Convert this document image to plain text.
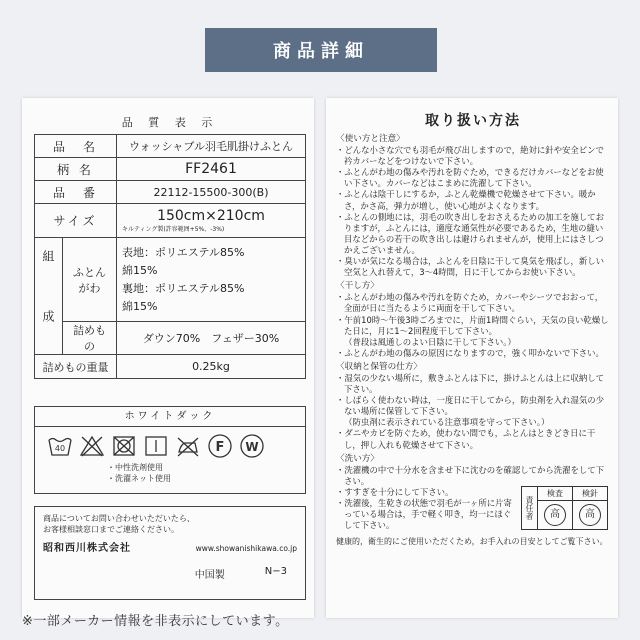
商品詳細
品 質 表 示
品　名		ウォッシャブル羽毛肌掛けふとん
柄 名		FF2461
品　番		22112-15500-300(B)
サイズ		150cm×210cm
キルティング製(許容範囲+5%、-3%)

組　成	ふとんがわ	表地：ポリエステル85%
綿15%
裏地：ポリエステル85%
綿15%

	詰めもの	ダウン70%　フェザー30%
詰めもの重量		0.25kg
ホワイトダック
40	F W
・中性洗剤使用
・洗濯ネット使用
商品についてお問い合わせいただいたら、
お客様相談窓口までご連絡ください。
昭和西川株式会社	www.showanishikawa.co.jp
中国製	N−3
取り扱い方法
〈使い方と注意〉
・どんな小さな穴でも羽毛が飛び出しますので，絶対に針や安全ピンで衿カバーなどをつけないで下さい。
・ふとんがわ地の傷みや汚れを防ぐため，できるだけカバーなどをお使い下さい。カバーなどはこまめに洗濯して下さい。
・ふとんは陰干しにするか，ふとん乾燥機で乾燥させて下さい。暖かさ，かさ高，弾力が増し，使い心地がよくなります。
・ふとんの側地には，羽毛の吹き出しをおさえるための加工を施しておりますが，ふとんには，適度な通気性が必要であるため，生地の縫い目などからの若干の吹き出しは避けられませんが，使用上にはさしつかえございません。
・臭いが気になる場合は，ふとんを日陰に干して臭気を飛ばし，新しい空気と入れ替えて，3〜4時間，日に干してからお使い下さい。
〈干し方〉
・ふとんがわ地の傷みや汚れを防ぐため，カバーやシーツでおおって，全面が日に当たるように両面を干して下さい。
・午前10時〜午後3時ごろまでに，片面1時間ぐらい，天気の良い乾燥した日に，月に1〜2回程度干して下さい。
　（普段は風通しのよい日陰に干して下さい。）
・ふとんがわ地の傷みの原因になりますので，強く叩かないで下さい。
〈収納と保管の仕方〉
・湿気の少ない場所に，敷きふとんは下に，掛けふとんは上に収納して下さい。
・しばらく使わない時は，一度日に干してから，防虫剤を入れ湿気の少ない場所に保管して下さい。
　（防虫剤に表示されている注意事項を守って下さい。）
・ダニやカビを防ぐため，使わない間でも，ふとんはときどき日に干し，押し入れも乾燥させて下さい。
〈洗い方〉
・洗濯機の中で十分水を含ませ下に沈むのを確認してから洗濯をして下さい。
・すすぎを十分にして下さい。
・洗濯後，生乾きの状態で羽毛が一ヶ所に片寄っている場合は，手で軽く叩き，均一にほぐして下さい。
責任者	検査	検針
	高	高
健康的，衛生的にご使用いただくため，お手入れの目安としてご覧下さい。
※一部メーカー情報を非表示にしています。
